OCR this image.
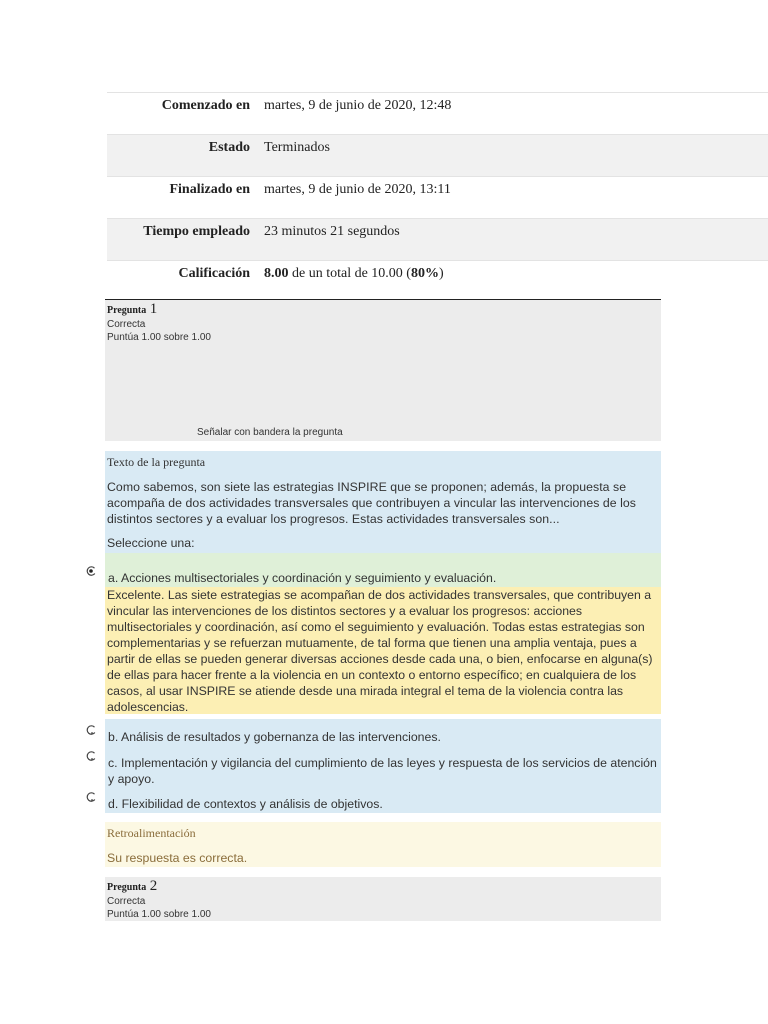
Comenzado en	martes, 9 de junio de 2020, 12:48
Estado	Terminados
Finalizado en	martes, 9 de junio de 2020, 13:11
Tiempo empleado	23 minutos 21 segundos
Calificación	8.00 de un total de 10.00 (80%)
Pregunta 1
Correcta
Puntúa 1.00 sobre 1.00
Señalar con bandera la pregunta
Texto de la pregunta
Como sabemos, son siete las estrategias INSPIRE que se proponen; además, la propuesta se acompaña de dos actividades transversales que contribuyen a vincular las intervenciones de los distintos sectores y a evaluar los progresos. Estas actividades transversales son...
Seleccione una:
a. Acciones multisectoriales y coordinación y seguimiento y evaluación.
Excelente. Las siete estrategias se acompañan de dos actividades transversales, que contribuyen a vincular las intervenciones de los distintos sectores y a evaluar los progresos: acciones multisectoriales y coordinación, así como el seguimiento y evaluación. Todas estas estrategias son complementarias y se refuerzan mutuamente, de tal forma que tienen una amplia ventaja, pues a partir de ellas se pueden generar diversas acciones desde cada una, o bien, enfocarse en alguna(s) de ellas para hacer frente a la violencia en un contexto o entorno específico; en cualquiera de los casos, al usar INSPIRE se atiende desde una mirada integral el tema de la violencia contra las adolescencias.
b. Análisis de resultados y gobernanza de las intervenciones.
c. Implementación y vigilancia del cumplimiento de las leyes y respuesta de los servicios de atención y apoyo.
d. Flexibilidad de contextos y análisis de objetivos.
Retroalimentación
Su respuesta es correcta.
Pregunta 2
Correcta
Puntúa 1.00 sobre 1.00
